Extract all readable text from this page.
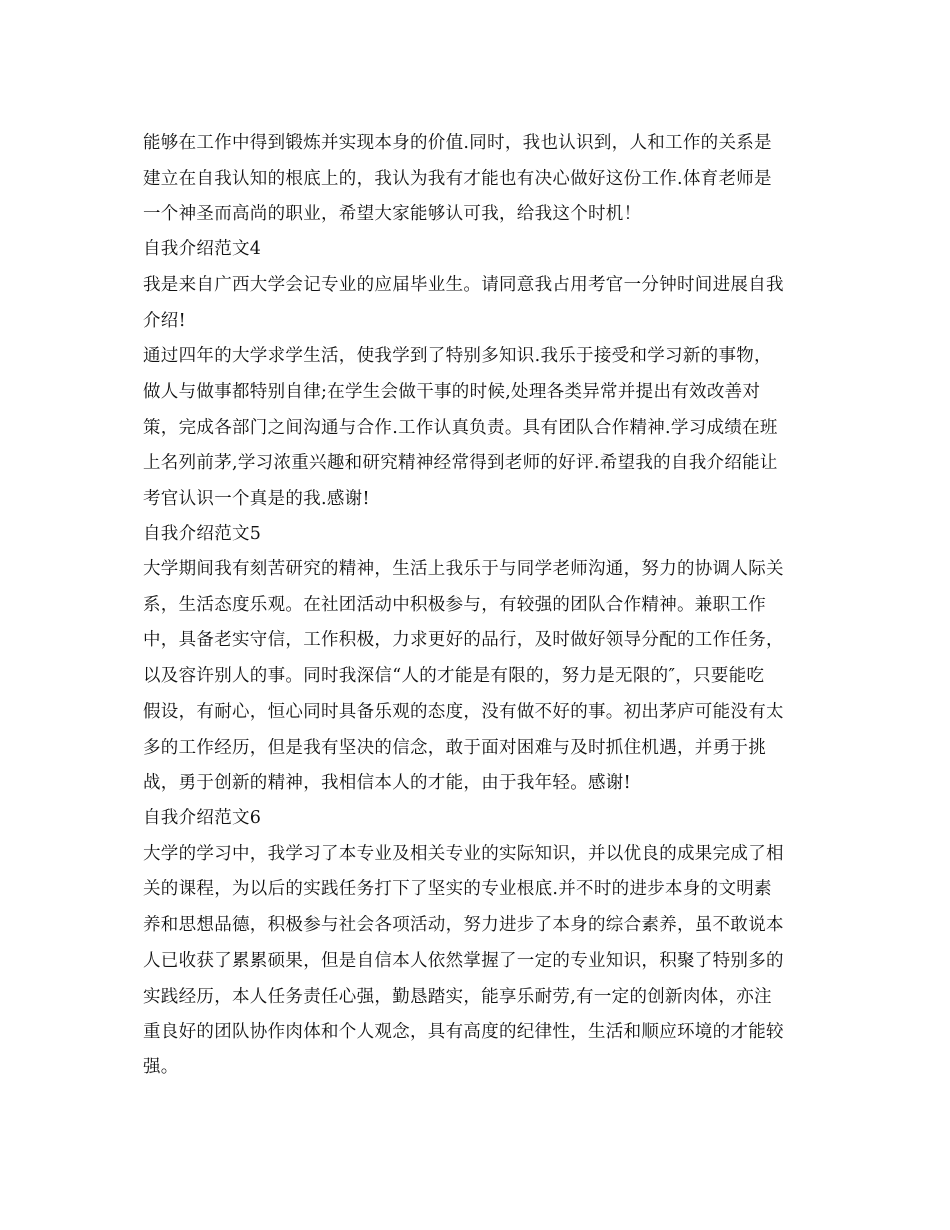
能够在工作中得到锻炼并实现本身的价值.同时，我也认识到，人和工作的关系是

建立在自我认知的根底上的，我认为我有才能也有决心做好这份工作.体育老师是

一个神圣而高尚的职业，希望大家能够认可我，给我这个时机！

自我介绍范文4

我是来自广西大学会记专业的应届毕业生。请同意我占用考官一分钟时间进展自我

介绍!

通过四年的大学求学生活，使我学到了特别多知识.我乐于接受和学习新的事物，

做人与做事都特别自律;在学生会做干事的时候,处理各类异常并提出有效改善对

策，完成各部门之间沟通与合作.工作认真负责。具有团队合作精神.学习成绩在班

上名列前茅,学习浓重兴趣和研究精神经常得到老师的好评.希望我的自我介绍能让

考官认识一个真是的我.感谢!

自我介绍范文5

大学期间我有刻苦研究的精神，生活上我乐于与同学老师沟通，努力的协调人际关

系，生活态度乐观。在社团活动中积极参与，有较强的团队合作精神。兼职工作

中，具备老实守信，工作积极，力求更好的品行，及时做好领导分配的工作任务，

以及容许别人的事。同时我深信“人的才能是有限的，努力是无限的″，只要能吃

假设，有耐心，恒心同时具备乐观的态度，没有做不好的事。初出茅庐可能没有太

多的工作经历，但是我有坚决的信念，敢于面对困难与及时抓住机遇，并勇于挑

战，勇于创新的精神，我相信本人的才能，由于我年轻。感谢!

自我介绍范文6

大学的学习中，我学习了本专业及相关专业的实际知识，并以优良的成果完成了相

关的课程，为以后的实践任务打下了坚实的专业根底.并不时的进步本身的文明素

养和思想品德，积极参与社会各项活动，努力进步了本身的综合素养，虽不敢说本

人已收获了累累硕果，但是自信本人依然掌握了一定的专业知识，积聚了特别多的

实践经历，本人任务责任心强，勤恳踏实，能享乐耐劳,有一定的创新肉体，亦注

重良好的团队协作肉体和个人观念，具有高度的纪律性，生活和顺应环境的才能较

强。
